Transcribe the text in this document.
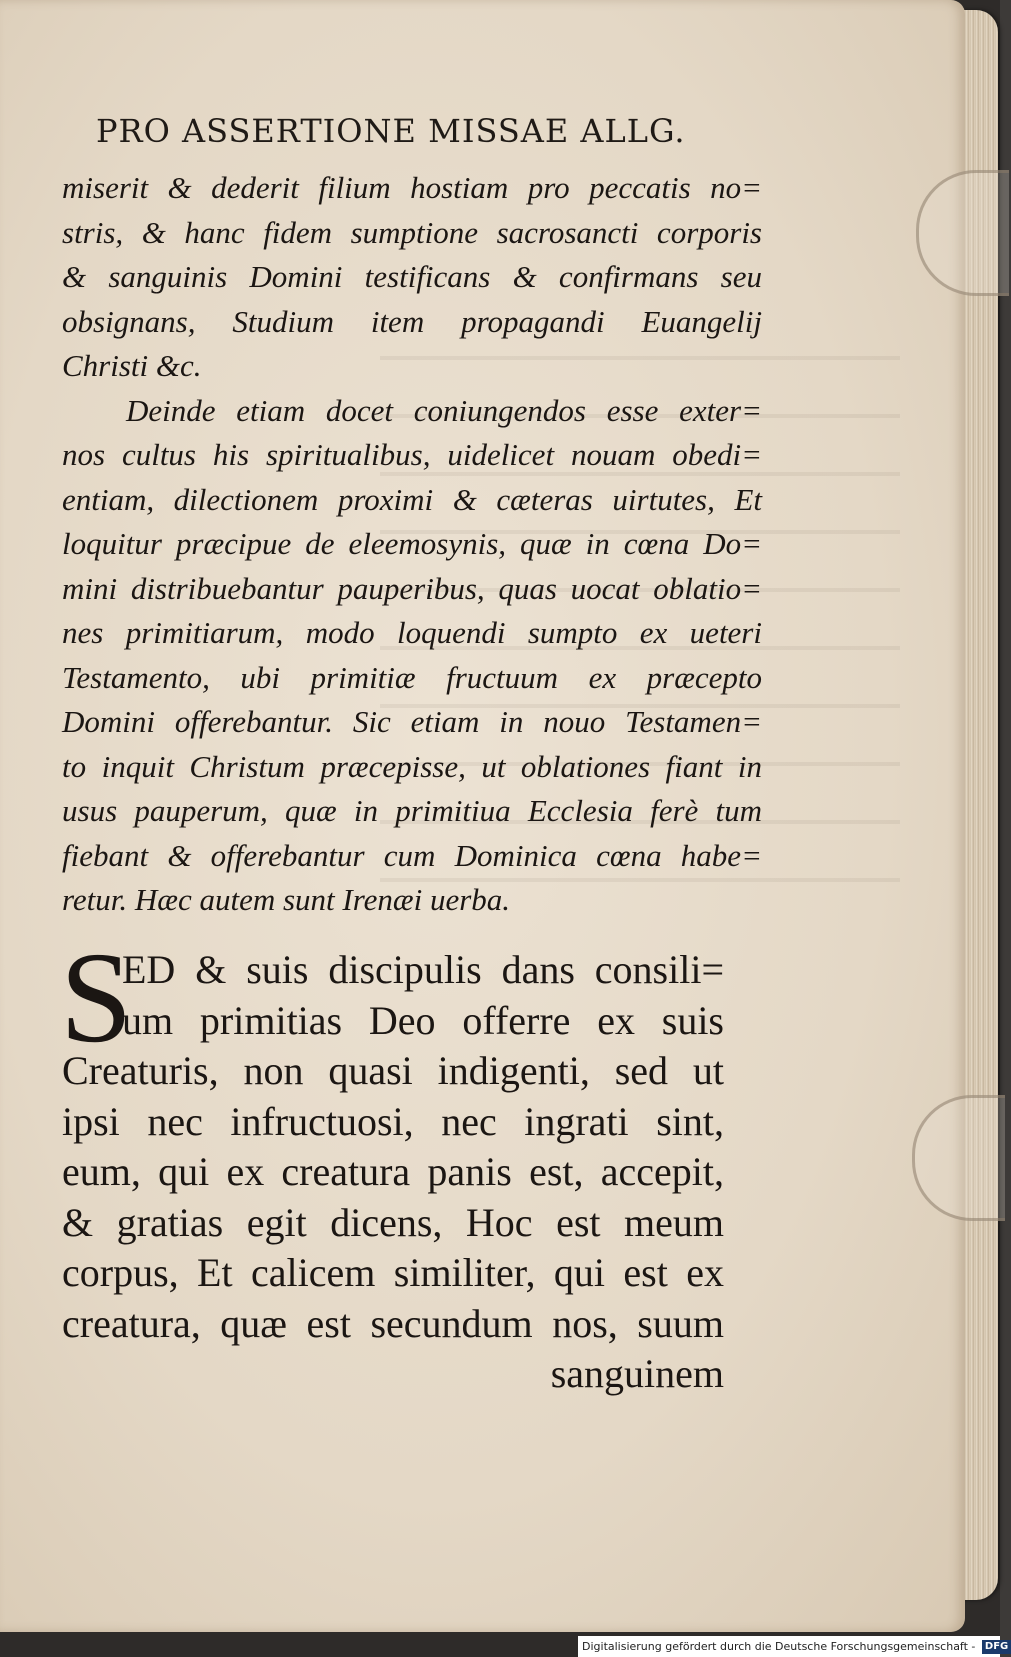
PRO ASSERTIONE MISSAE ALLG.
miserit & dederit filium hostiam pro peccatis no=
stris, & hanc fidem sumptione sacrosancti corporis
& sanguinis Domini testificans & confirmans seu
obsignans, Studium item propagandi Euangelij
Christi &c.
Deinde etiam docet coniungendos esse exter=
nos cultus his spiritualibus, uidelicet nouam obedi=
entiam, dilectionem proximi & cæteras uirtutes, Et
loquitur præcipue de eleemosynis, quæ in cœna Do=
mini distribuebantur pauperibus, quas uocat oblatio=
nes primitiarum, modo loquendi sumpto ex ueteri
Testamento, ubi primitiæ fructuum ex præcepto
Domini offerebantur. Sic etiam in nouo Testamen=
to inquit Christum præcepisse, ut oblationes fiant in
usus pauperum, quæ in primitiua Ecclesia ferè tum
fiebant & offerebantur cum Dominica cœna habe=
retur. Hæc autem sunt Irenæi uerba.
S
ED & suis discipulis dans consili=
um primitias Deo offerre ex suis
Creaturis, non quasi indigenti, sed ut
ipsi nec infructuosi, nec ingrati sint,
eum, qui ex creatura panis est, accepit,
& gratias egit dicens, Hoc est meum
corpus, Et calicem similiter, qui est ex
creatura, quæ est secundum nos, suum
sanguinem
Digitalisierung gefördert durch die Deutsche Forschungsgemeinschaft - DFG
